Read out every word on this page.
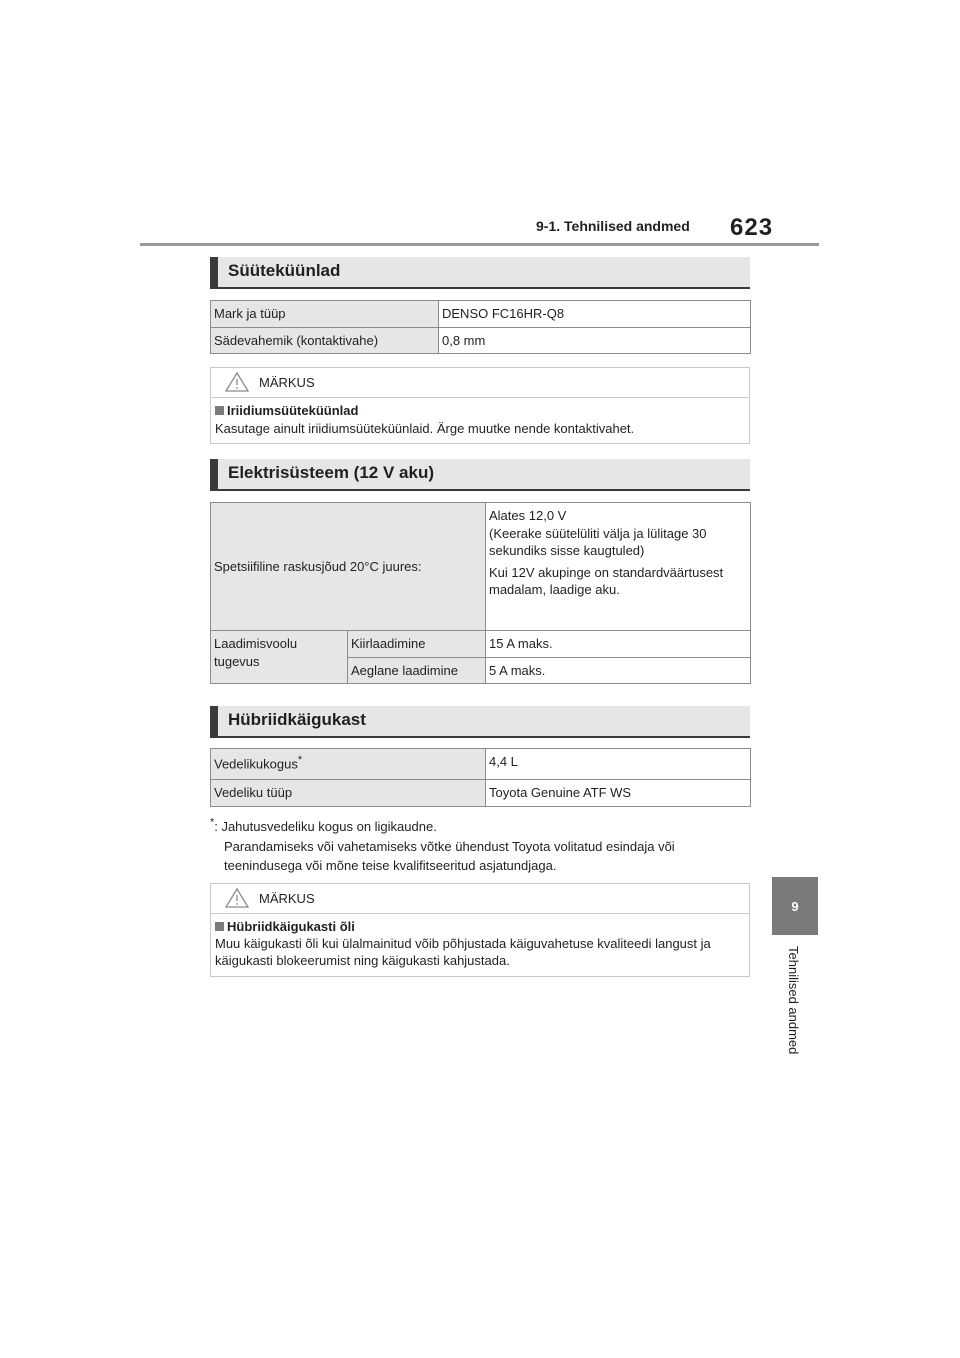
9-1. Tehnilised andmed 623
9
Tehnilised andmed
Süüteküünlad
Mark ja tüüp	DENSO FC16HR-Q8
Sädevahemik (kontaktivahe)	0,8 mm
MÄRKUS
Iriidiumsüüteküünlad
Kasutage ainult iriidiumsüüteküünlaid. Ärge muutke nende kontaktivahet.
Elektrisüsteem (12 V aku)
Spetsiifiline raskusjõud 20°C juures:		Alates 12,0 V
(Keerake süütelüliti välja ja lülitage 30 sekundiks sisse kaugtuled)
Kui 12V akupinge on standardväärtusest madalam, laadige aku.

Laadimisvoolu tugevus	Kiirlaadimine	15 A maks.
	Aeglane laadimine	5 A maks.
Hübriidkäigukast
Vedelikukogus*	4,4 L
Vedeliku tüüp	Toyota Genuine ATF WS
*: Jahutusvedeliku kogus on ligikaudne.
Parandamiseks või vahetamiseks võtke ühendust Toyota volitatud esindaja või teenindusega või mõne teise kvalifitseeritud asjatundjaga.
MÄRKUS
Hübriidkäigukasti õli
Muu käigukasti õli kui ülalmainitud võib põhjustada käiguvahetuse kvaliteedi langust ja käigukasti blokeerumist ning käigukasti kahjustada.
